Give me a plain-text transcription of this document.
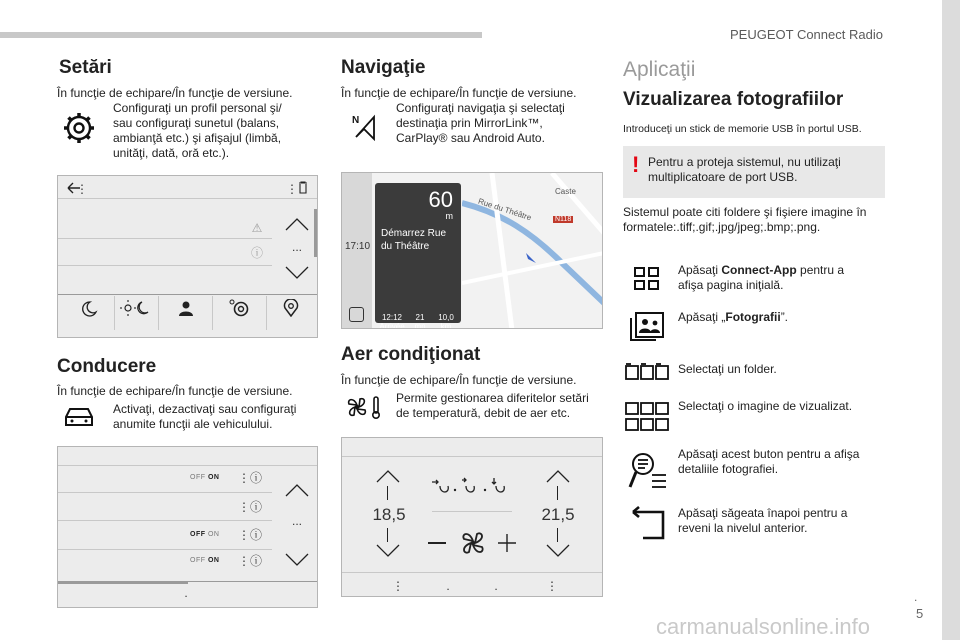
PEUGEOT Connect Radio
.
5
Setări
În funcţie de echipare/În funcţie de versiune.
Configuraţi un profil personal şi/
sau configuraţi sunetul (balans,
ambianţă etc.) şi afişajul (limbă,
unităţi, dată, oră etc.).
⋮	⋮
⚠
ⓘ ...
Conducere
În funcţie de echipare/În funcţie de versiune.
Activaţi, dezactivaţi sau configuraţi
anumite funcţii ale vehiculului.
OFF ON ⋮ ⓘ
⋮ ⓘ
OFF ON ⋮ ⓘ
OFF ON ⋮ ⓘ
...
.
Navigaţie
În funcţie de echipare/În funcţie de versiune.
N
Configuraţi navigaţia şi selectaţi
destinaţia prin MirrorLink™,
CarPlay® sau Android Auto.
17:10
Caste
Rue du Théâtre	N118
60
m
Démarrez Rue
du Théâtre
12:12
Arrivée
21
mn
10,0
km
Aer condiţionat
În funcţie de echipare/În funcţie de versiune.
Permite gestionarea diferitelor setări
de temperatură, debit de aer etc.
18,5	21,5
⋮	.	.	⋮
Aplicaţii
Vizualizarea fotografiilor
Introduceţi un stick de memorie USB în portul USB.
! Pentru a proteja sistemul, nu utilizaţi
multiplicatoare de port USB.
Sistemul poate citi foldere şi fişiere imagine în
formatele:.tiff;.gif;.jpg/jpeg;.bmp;.png.
Apăsaţi Connect-App pentru a
afişa pagina iniţială.
Apăsaţi „Fotografii”.
Selectaţi un folder.
Selectaţi o imagine de vizualizat.
Apăsaţi acest buton pentru a afişa
detaliile fotografiei.
Apăsaţi săgeata înapoi pentru a
reveni la nivelul anterior.
carmanualsonline.info
